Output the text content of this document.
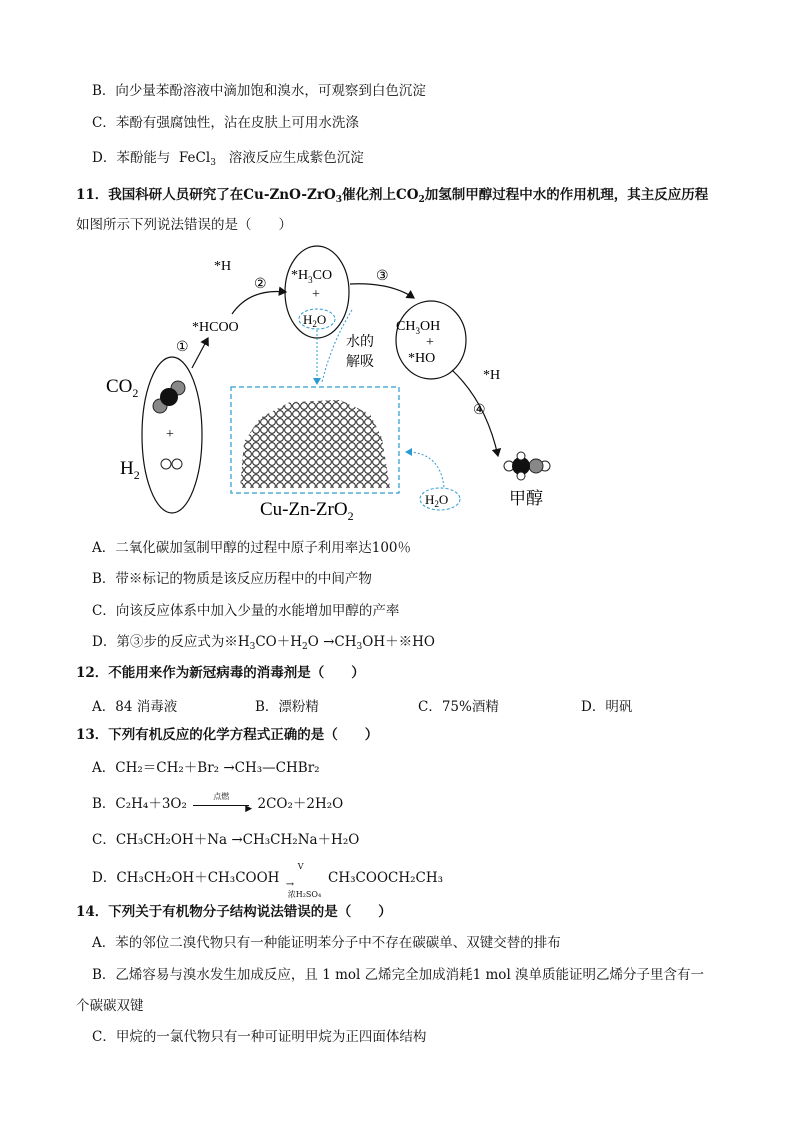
B．向少量苯酚溶液中滴加饱和溴水，可观察到白色沉淀
C．苯酚有强腐蚀性，沾在皮肤上可用水洗涤
D．苯酚能与 FeCl$_3$ 溶液反应生成紫色沉淀
11．我国科研人员研究了在Cu-ZnO-ZrO$_3$催化剂上$CO_2$加氢制甲醇过程中水的作用机理，其主反应历程
如图所示下列说法错误的是（　　）
$CO_2$
+
$H_2$
①
*HCOO
*H
②
$*H_3CO$
+
$H_2O$
水的
解吸
③
$CH_3OH$
+
*HO
*H
④
甲醇
Cu-Zn-ZrO$_2$
$H_2O$
A．二氧化碳加氢制甲醇的过程中原子利用率达100％
B．带※标记的物质是该反应历程中的中间产物
C．向该反应体系中加入少量的水能增加甲醇的产率
D．第③步的反应式为$※H_3CO+H_2O$ $\to CH_3OH+※HO$
12．不能用来作为新冠病毒的消毒剂是（　　）
A．84 消毒液	B．漂粉精	C．75%酒精	D．明矾
13．下列有机反应的化学方程式正确的是（　　）
A．CH₂＝CH₂＋Br₂ →CH₃—CHBr₂
B．C₂H₄＋3O₂	点燃
▶ 2CO₂＋2H₂O
C．CH₃CH₂OH＋Na →CH₃CH₂Na＋H₂O
D．CH₃CH₂OH＋CH₃COOH
V
→
浓H₂SO₄
CH₃COOCH₂CH₃
14．下列关于有机物分子结构说法错误的是（　　）
A．苯的邻位二溴代物只有一种能证明苯分子中不存在碳碳单、双键交替的排布
B．乙烯容易与溴水发生加成反应，且 1 mol 乙烯完全加成消耗1 mol 溴单质能证明乙烯分子里含有一
个碳碳双键
C．甲烷的一氯代物只有一种可证明甲烷为正四面体结构
